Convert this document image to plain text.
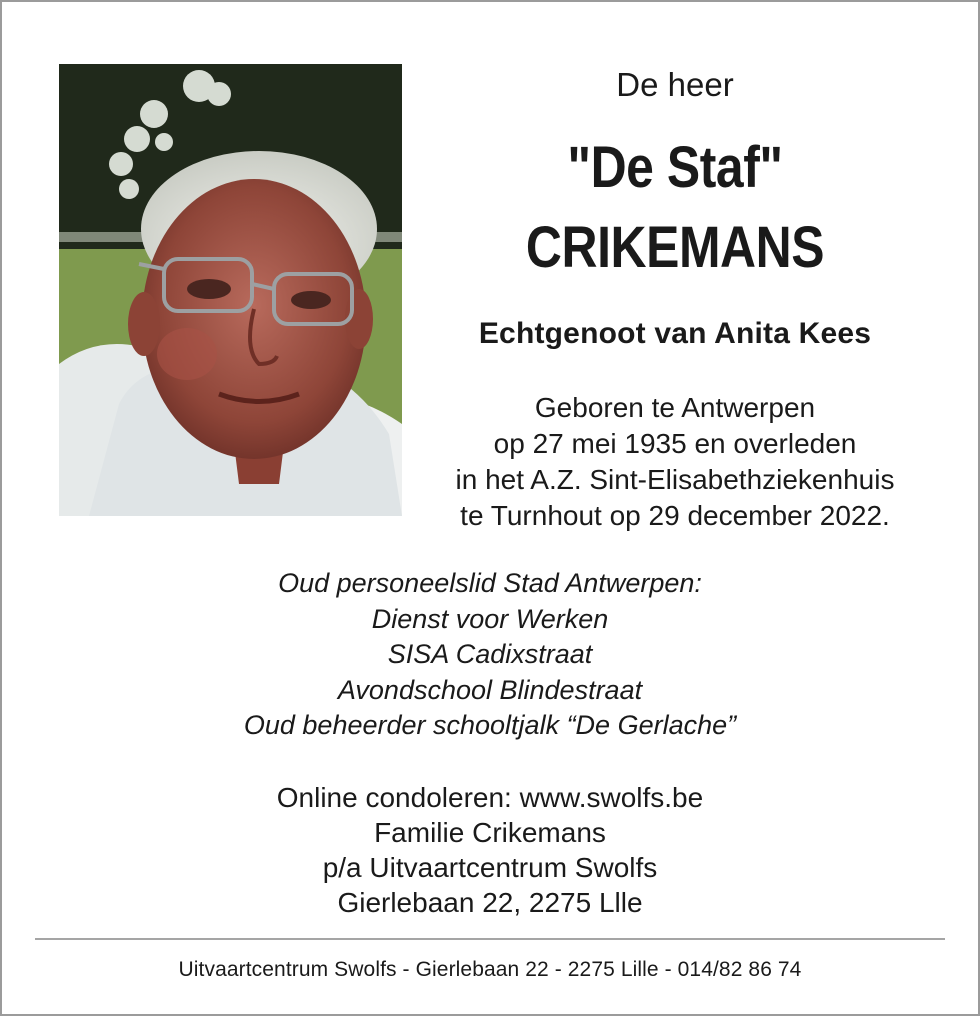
De heer
"De Staf"
CRIKEMANS
Echtgenoot van Anita Kees
Geboren te Antwerpen
op 27 mei 1935 en overleden
in het A.Z. Sint-Elisabethziekenhuis
te Turnhout op 29 december 2022.
Oud personeelslid Stad Antwerpen:
Dienst voor Werken
SISA Cadixstraat
Avondschool Blindestraat
Oud beheerder schooltjalk “De Gerlache”
Online condoleren: www.swolfs.be
Familie Crikemans
p/a Uitvaartcentrum Swolfs
Gierlebaan 22, 2275 Llle
Uitvaartcentrum Swolfs - Gierlebaan 22 - 2275 Lille - 014/82 86 74
